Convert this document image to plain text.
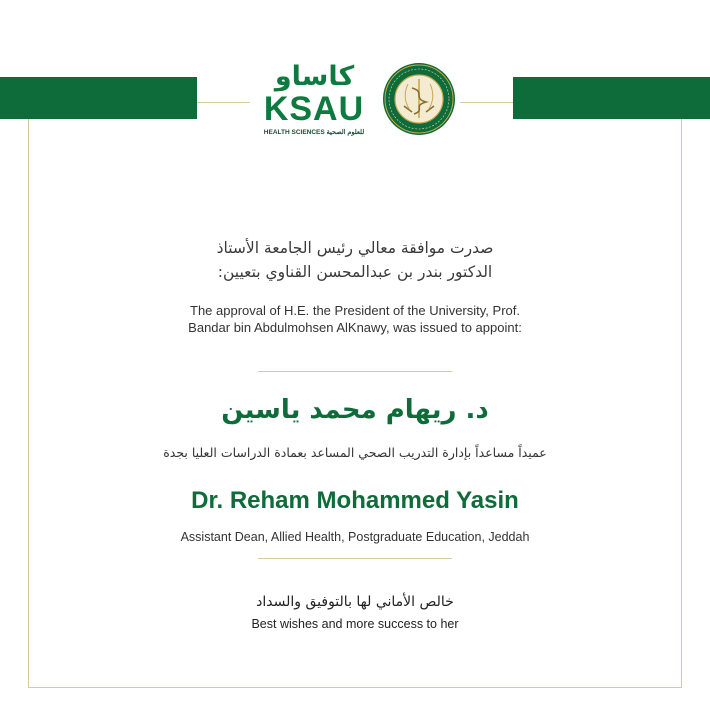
كاساو
KSAU
HEALTH SCIENCES للعلوم الصحية
صدرت موافقة معالي رئيس الجامعة الأستاذ
الدكتور بندر بن عبدالمحسن القناوي بتعيين:
The approval of H.E. the President of the University, Prof.
Bandar bin Abdulmohsen AlKnawy, was issued to appoint:
د. ريهام محمد ياسين
عميداً مساعداً بإدارة التدريب الصحي المساعد بعمادة الدراسات العليا بجدة
Dr. Reham Mohammed Yasin
Assistant Dean, Allied Health, Postgraduate Education, Jeddah
خالص الأماني لها بالتوفيق والسداد
Best wishes and more success to her
